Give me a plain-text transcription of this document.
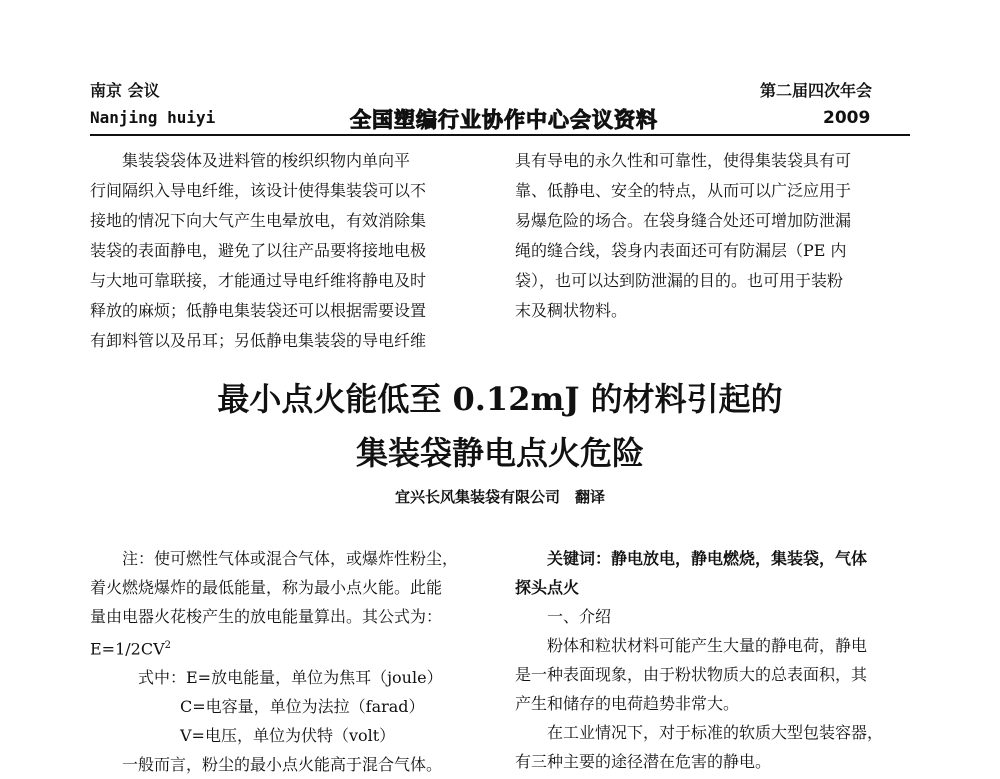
南京 会议
Nanjing huiyi	全国塑编行业协作中心会议资料
第二届四次年会
2009

集装袋袋体及进料管的梭织织物内单向平

行间隔织入导电纤维，该设计使得集装袋可以不

接地的情况下向大气产生电晕放电，有效消除集

装袋的表面静电，避免了以往产品要将接地电极

与大地可靠联接，才能通过导电纤维将静电及时

释放的麻烦；低静电集装袋还可以根据需要设置

有卸料管以及吊耳；另低静电集装袋的导电纤维

具有导电的永久性和可靠性，使得集装袋具有可

靠、低静电、安全的特点，从而可以广泛应用于

易爆危险的场合。在袋身缝合处还可增加防泄漏

绳的缝合线，袋身内表面还可有防漏层（PE 内

袋），也可以达到防泄漏的目的。也可用于装粉

末及稠状物料。

最小点火能低至 0.12mJ 的材料引起的
集装袋静电点火危险
宜兴长风集装袋有限公司　翻译

注：使可燃性气体或混合气体，或爆炸性粉尘，

着火燃烧爆炸的最低能量，称为最小点火能。此能

量由电器火花梭产生的放电能量算出。其公式为：

$E=1/2CV^2$

式中：E=放电能量，单位为焦耳（joule）

C=电容量，单位为法拉（farad）

V=电压，单位为伏特（volt）

一般而言，粉尘的最小点火能高于混合气体。

关键词：静电放电，静电燃烧，集装袋，气体

探头点火

一、介绍

粉体和粒状材料可能产生大量的静电荷，静电

是一种表面现象，由于粉状物质大的总表面积，其

产生和储存的电荷趋势非常大。

在工业情况下，对于标准的软质大型包装容器，

有三种主要的途径潜在危害的静电。
